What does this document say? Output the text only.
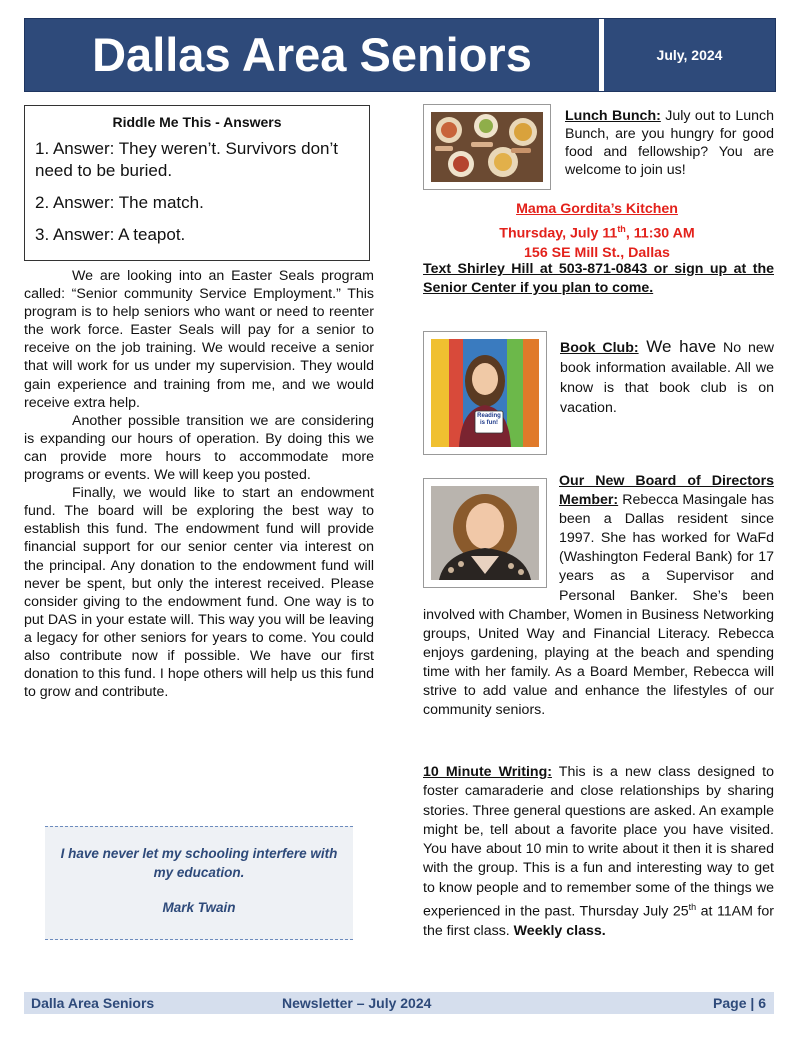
Dallas Area Seniors	July, 2024
Riddle Me This - Answers

1. Answer: They weren’t. Survivors don’t need to be buried.

2. Answer: The match.

3. Answer: A teapot.

We are looking into an Easter Seals program called: “Senior community Service Employment.” This program is to help seniors who want or need to reenter the work force. Easter Seals will pay for a senior to receive on the job training. We would receive a senior that will work for us under my supervision. They would gain experience and training from me, and we would receive extra help.

Another possible transition we are considering is expanding our hours of operation. By doing this we can provide more hours to accommodate more programs or events. We will keep you posted.

Finally, we would like to start an endowment fund. The board will be exploring the best way to establish this fund. The endowment fund will provide financial support for our senior center via interest on the principal. Any donation to the endowment fund will never be spent, but only the interest received. Please consider giving to the endowment fund. One way is to put DAS in your estate will. This way you will be leaving a legacy for other seniors for years to come. You could also contribute now if possible. We have our first donation to this fund. I hope others will help us this fund to grow and contribute.

I have never let my schooling interfere with my education.
Mark Twain
Lunch Bunch: July out to Lunch Bunch, are you hungry for good food and fellowship? You are welcome to join us!
Mama Gordita’s Kitchen
Thursday, July 11th, 11:30 AM
156 SE Mill St., Dallas
Text Shirley Hill at 503-871-0843 or sign up at the Senior Center if you plan to come.
Reading is fun!
Book Club: We have No new book information available. All we know is that book club is on vacation.
Our New Board of Directors Member: Rebecca Masingale has been a Dallas resident since 1997. She has worked for WaFd (Washington Federal Bank) for 17 years as a Supervisor and Personal Banker. She’s been involved with Chamber, Women in Business Networking groups, United Way and Financial Literacy. Rebecca enjoys gardening, playing at the beach and spending time with her family. As a Board Member, Rebecca will strive to add value and enhance the lifestyles of our community seniors.
10 Minute Writing: This is a new class designed to foster camaraderie and close relationships by sharing stories. Three general questions are asked. An example might be, tell about a favorite place you have visited. You have about 10 min to write about it then it is shared with the group. This is a fun and interesting way to get to know people and to remember some of the things we experienced in the past. Thursday July 25th at 11AM for the first class. Weekly class.
Dalla Area Seniors	Newsletter – July 2024	Page | 6
